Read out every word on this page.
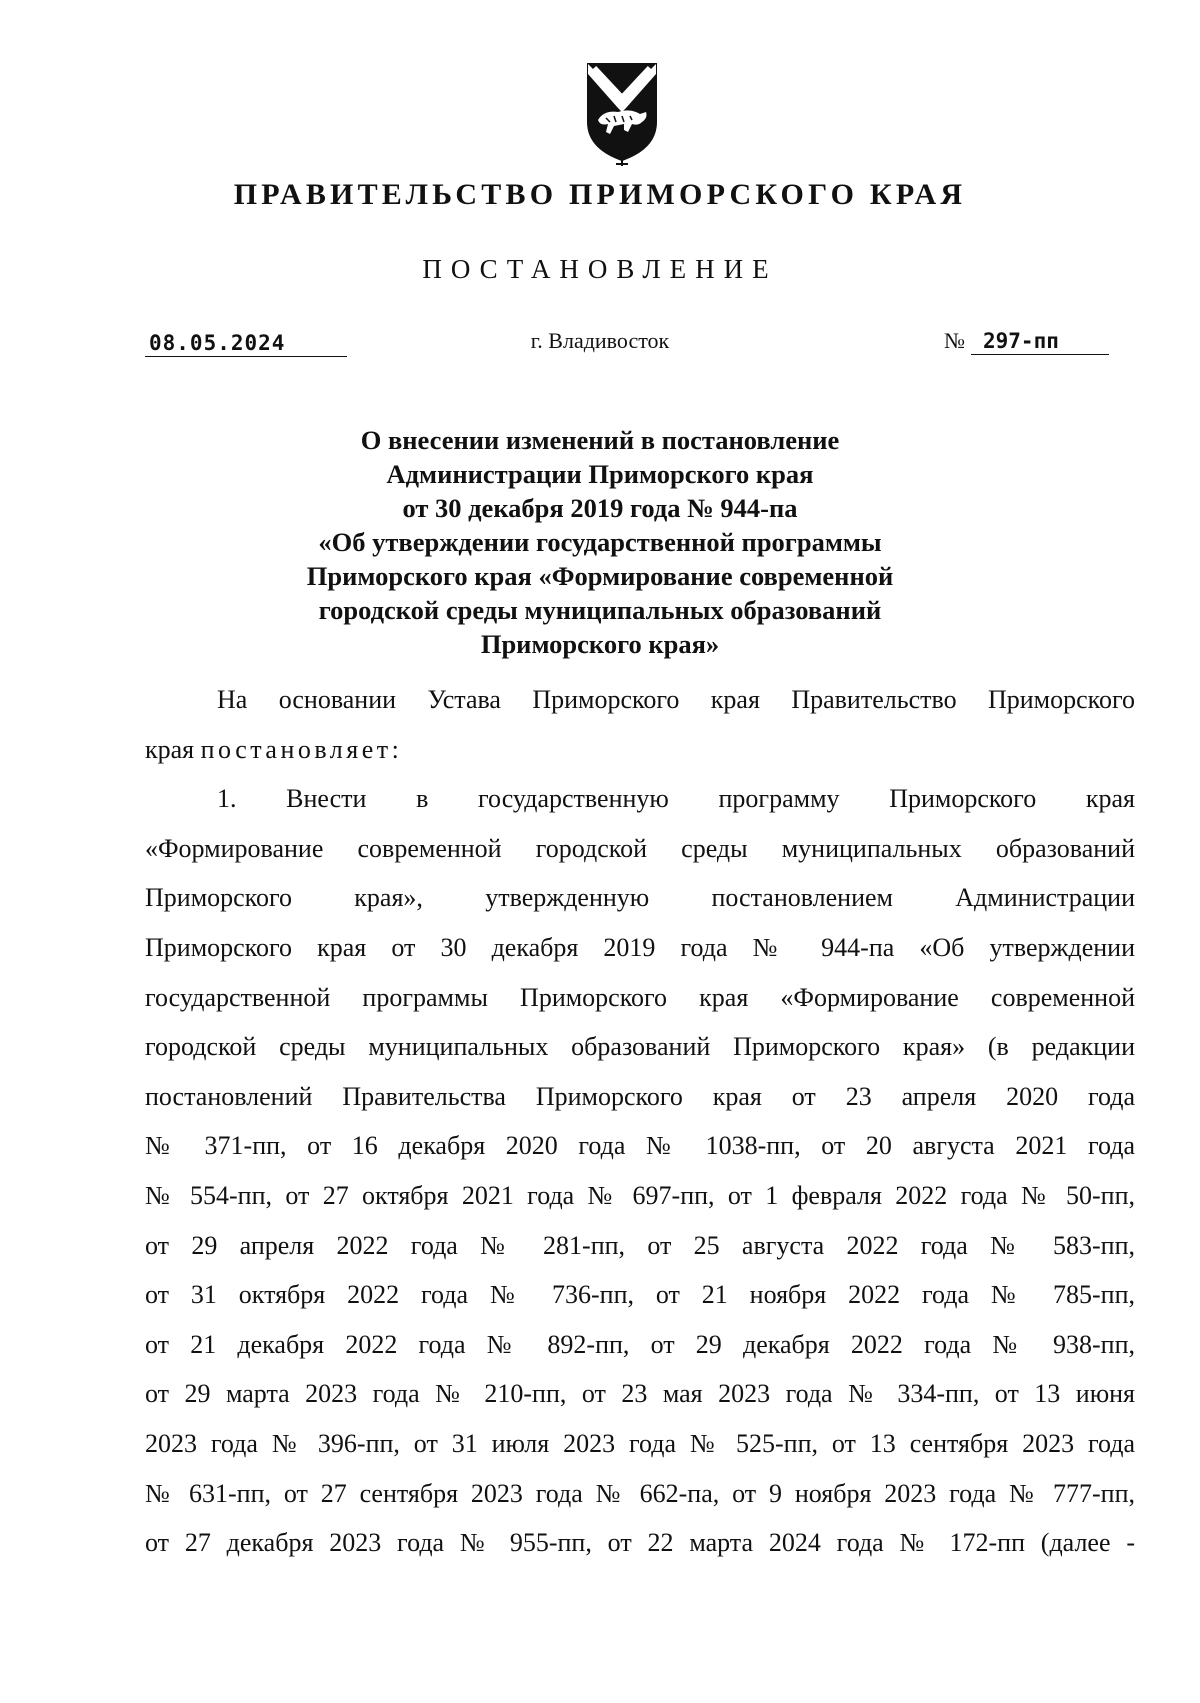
ПРАВИТЕЛЬСТВО ПРИМОРСКОГО КРАЯ
ПОСТАНОВЛЕНИЕ
08.05.2024	г. Владивосток	№ 297-пп
О внесении изменений в постановление
Администрации Приморского края
от 30 декабря 2019 года № 944-па
«Об утверждении государственной программы
Приморского края «Формирование современной
городской среды муниципальных образований
Приморского края»
На основании Устава Приморского края Правительство Приморского
края постановляет:
1. Внести в государственную программу Приморского края
«Формирование современной городской среды муниципальных образований
Приморского края», утвержденную постановлением Администрации
Приморского края от 30 декабря 2019 года № 944-па «Об утверждении
государственной программы Приморского края «Формирование современной
городской среды муниципальных образований Приморского края» (в редакции
постановлений Правительства Приморского края от 23 апреля 2020 года
№ 371-пп, от 16 декабря 2020 года № 1038-пп, от 20 августа 2021 года
№ 554-пп, от 27 октября 2021 года № 697-пп, от 1 февраля 2022 года № 50-пп,
от 29 апреля 2022 года № 281-пп, от 25 августа 2022 года № 583-пп,
от 31 октября 2022 года № 736-пп, от 21 ноября 2022 года № 785-пп,
от 21 декабря 2022 года № 892-пп, от 29 декабря 2022 года № 938-пп,
от 29 марта 2023 года № 210-пп, от 23 мая 2023 года № 334-пп, от 13 июня
2023 года № 396-пп, от 31 июля 2023 года № 525-пп, от 13 сентября 2023 года
№ 631-пп, от 27 сентября 2023 года № 662-па, от 9 ноября 2023 года № 777-пп,
от 27 декабря 2023 года № 955-пп, от 22 марта 2024 года № 172-пп (далее -
